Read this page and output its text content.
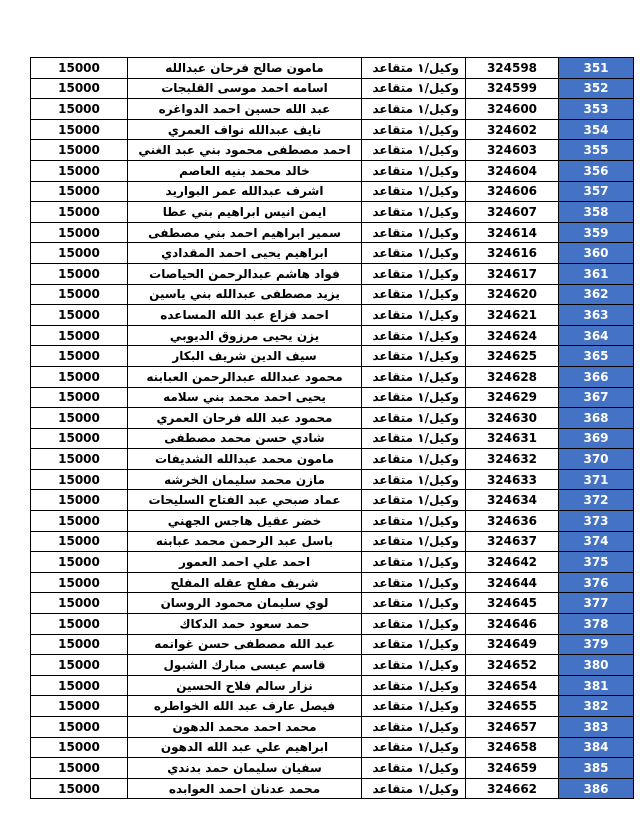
15000	مامون صالح فرحان عبدالله	وكيل/١ متقاعد	324598	351
15000	اسامه احمد موسى القلبجات	وكيل/١ متقاعد	324599	352
15000	عبد الله حسين احمد الدواغره	وكيل/١ متقاعد	324600	353
15000	نايف عبدالله نواف العمري	وكيل/١ متقاعد	324602	354
15000	احمد مصطفى محمود بني عبد الغني	وكيل/١ متقاعد	324603	355
15000	خالد محمد بنيه العاصم	وكيل/١ متقاعد	324604	356
15000	اشرف عبدالله عمر البواريد	وكيل/١ متقاعد	324606	357
15000	ايمن انيس ابراهيم بني عطا	وكيل/١ متقاعد	324607	358
15000	سمير ابراهيم احمد بني مصطفى	وكيل/١ متقاعد	324614	359
15000	ابراهيم يحيى احمد المقدادي	وكيل/١ متقاعد	324616	360
15000	فواد هاشم عبدالرحمن الحياصات	وكيل/١ متقاعد	324617	361
15000	يزيد مصطفى عبدالله بني ياسين	وكيل/١ متقاعد	324620	362
15000	احمد فزاع عبد الله المساعده	وكيل/١ متقاعد	324621	363
15000	يزن يحيى مرزوق الديوبي	وكيل/١ متقاعد	324624	364
15000	سيف الدين شريف البكار	وكيل/١ متقاعد	324625	365
15000	محمود عبدالله عبدالرحمن العبابنه	وكيل/١ متقاعد	324628	366
15000	يحيى احمد محمد بني سلامه	وكيل/١ متقاعد	324629	367
15000	محمود عبد الله فرحان العمري	وكيل/١ متقاعد	324630	368
15000	شادي حسن محمد مصطفى	وكيل/١ متقاعد	324631	369
15000	مامون محمد عبدالله الشديفات	وكيل/١ متقاعد	324632	370
15000	مازن محمد سليمان الخرشه	وكيل/١ متقاعد	324633	371
15000	عماد صبحي عبد الفتاح السليحات	وكيل/١ متقاعد	324634	372
15000	خضر عقيل هاجس الجهني	وكيل/١ متقاعد	324636	373
15000	باسل عبد الرحمن محمد عبابنه	وكيل/١ متقاعد	324637	374
15000	احمد علي احمد العمور	وكيل/١ متقاعد	324642	375
15000	شريف مفلح عقله المفلح	وكيل/١ متقاعد	324644	376
15000	لوي سليمان محمود الروسان	وكيل/١ متقاعد	324645	377
15000	حمد سعود حمد الدكاك	وكيل/١ متقاعد	324646	378
15000	عبد الله مصطفى حسن غوانمه	وكيل/١ متقاعد	324649	379
15000	قاسم عيسى مبارك الشبول	وكيل/١ متقاعد	324652	380
15000	نزار سالم فلاح الحسين	وكيل/١ متقاعد	324654	381
15000	فيصل عارف عبد الله الخواطره	وكيل/١ متقاعد	324655	382
15000	محمد احمد محمد الدهون	وكيل/١ متقاعد	324657	383
15000	ابراهيم علي عبد الله الدهون	وكيل/١ متقاعد	324658	384
15000	سفيان سليمان حمد بدندي	وكيل/١ متقاعد	324659	385
15000	محمد عدنان احمد العوابده	وكيل/١ متقاعد	324662	386
